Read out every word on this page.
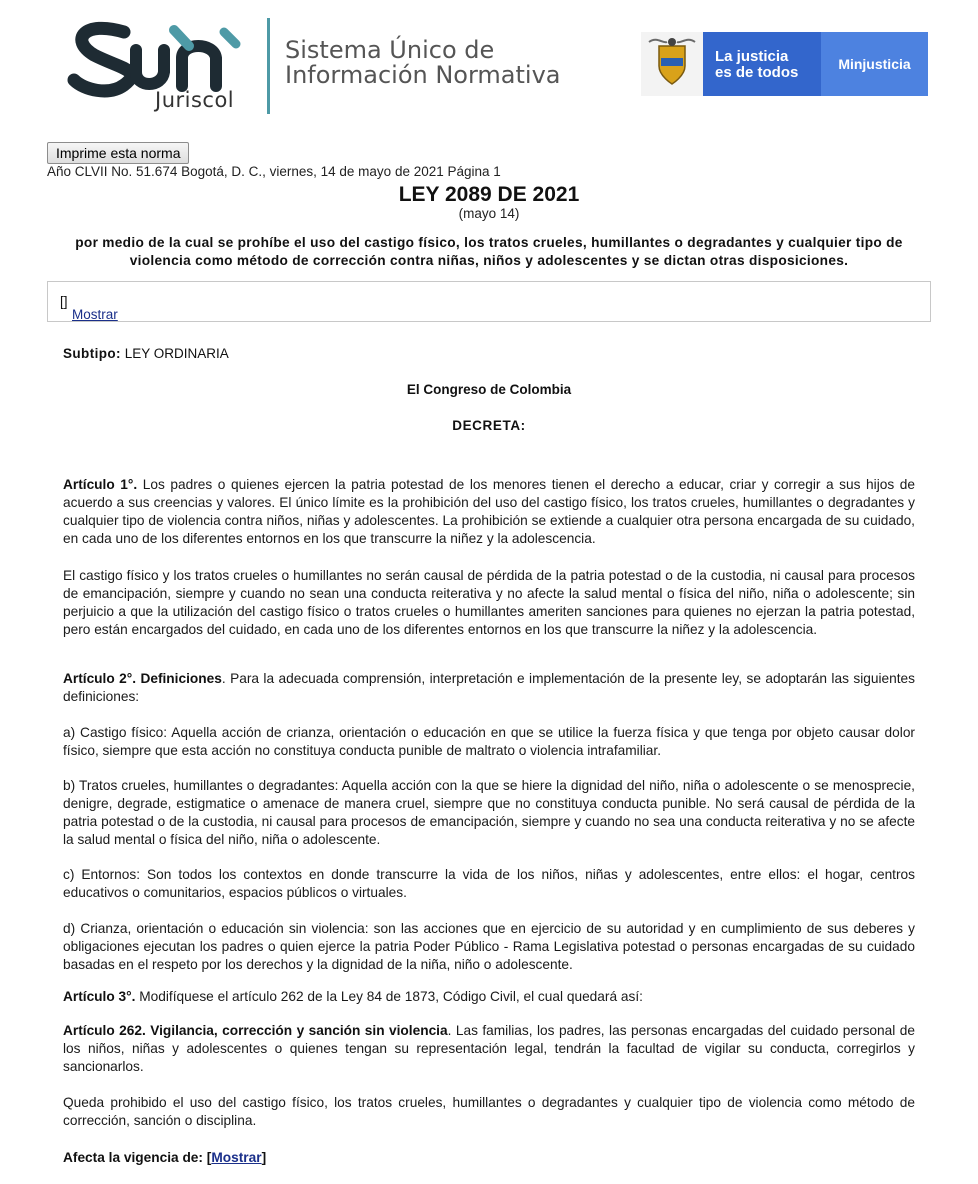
Juriscol
Sistema Único de
Información Normativa
La justicia
es de todos	Minjusticia
Imprime esta norma
Año CLVII No. 51.674 Bogotá, D. C., viernes, 14 de mayo de 2021 Página 1
LEY 2089 DE 2021
(mayo 14)
por medio de la cual se prohíbe el uso del castigo físico, los tratos crueles, humillantes o degradantes y cualquier tipo de violencia como método de corrección contra niñas, niños y adolescentes y se dictan otras disposiciones.
[
Mostrar
]
Subtipo: LEY ORDINARIA
El Congreso de Colombia
DECRETA:
Artículo 1°. Los padres o quienes ejercen la patria potestad de los menores tienen el derecho a educar, criar y corregir a sus hijos de acuerdo a sus creencias y valores. El único límite es la prohibición del uso del castigo físico, los tratos crueles, humillantes o degradantes y cualquier tipo de violencia contra niños, niñas y adolescentes. La prohibición se extiende a cualquier otra persona encargada de su cuidado, en cada uno de los diferentes entornos en los que transcurre la niñez y la adolescencia.
El castigo físico y los tratos crueles o humillantes no serán causal de pérdida de la patria potestad o de la custodia, ni causal para procesos de emancipación, siempre y cuando no sean una conducta reiterativa y no afecte la salud mental o física del niño, niña o adolescente; sin perjuicio a que la utilización del castigo físico o tratos crueles o humillantes ameriten sanciones para quienes no ejerzan la patria potestad, pero están encargados del cuidado, en cada uno de los diferentes entornos en los que transcurre la niñez y la adolescencia.
Artículo 2°. Definiciones. Para la adecuada comprensión, interpretación e implementación de la presente ley, se adoptarán las siguientes definiciones:
a) Castigo físico: Aquella acción de crianza, orientación o educación en que se utilice la fuerza física y que tenga por objeto causar dolor físico, siempre que esta acción no constituya conducta punible de maltrato o violencia intrafamiliar.
b) Tratos crueles, humillantes o degradantes: Aquella acción con la que se hiere la dignidad del niño, niña o adolescente o se menosprecie, denigre, degrade, estigmatice o amenace de manera cruel, siempre que no constituya conducta punible. No será causal de pérdida de la patria potestad o de la custodia, ni causal para procesos de emancipación, siempre y cuando no sea una conducta reiterativa y no se afecte la salud mental o física del niño, niña o adolescente.
c) Entornos: Son todos los contextos en donde transcurre la vida de los niños, niñas y adolescentes, entre ellos: el hogar, centros educativos o comunitarios, espacios públicos o virtuales.
d) Crianza, orientación o educación sin violencia: son las acciones que en ejercicio de su autoridad y en cumplimiento de sus deberes y obligaciones ejecutan los padres o quien ejerce la patria Poder Público - Rama Legislativa potestad o personas encargadas de su cuidado basadas en el respeto por los derechos y la dignidad de la niña, niño o adolescente.
Artículo 3°. Modifíquese el artículo 262 de la Ley 84 de 1873, Código Civil, el cual quedará así:
Artículo 262. Vigilancia, corrección y sanción sin violencia. Las familias, los padres, las personas encargadas del cuidado personal de los niños, niñas y adolescentes o quienes tengan su representación legal, tendrán la facultad de vigilar su conducta, corregirlos y sancionarlos.
Queda prohibido el uso del castigo físico, los tratos crueles, humillantes o degradantes y cualquier tipo de violencia como método de corrección, sanción o disciplina.
Afecta la vigencia de: [Mostrar]
